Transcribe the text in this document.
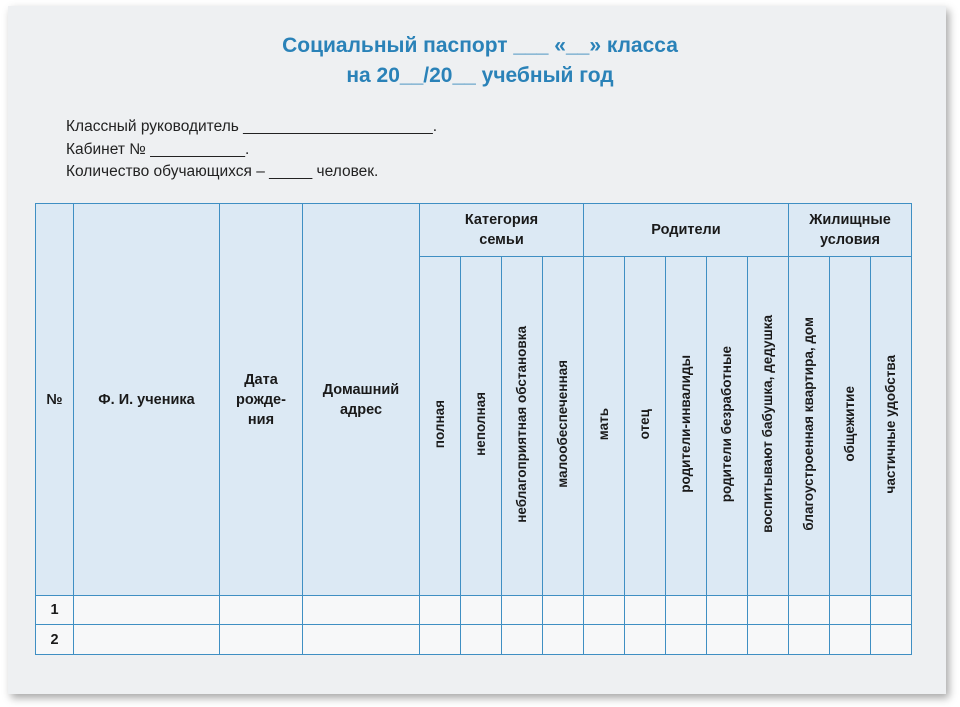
Социальный паспорт ___ «__» класса
на 20__/20__ учебный год
Классный руководитель ______________________.
Кабинет № ___________.
Количество обучающихся – _____ человек.
№	Ф. И. ученика	Дата рожде- ния	Домашний адрес	Категория семьи				Родители					Жилищные условия		

				полная	неполная	неблагоприятная обстановка	малообеспеченная	мать	отец	родители-инвалиды	родители безработные	воспитывают бабушка, дедушка	благоустроенная квартира, дом	общежитие	частичные удобства
1															
2															
